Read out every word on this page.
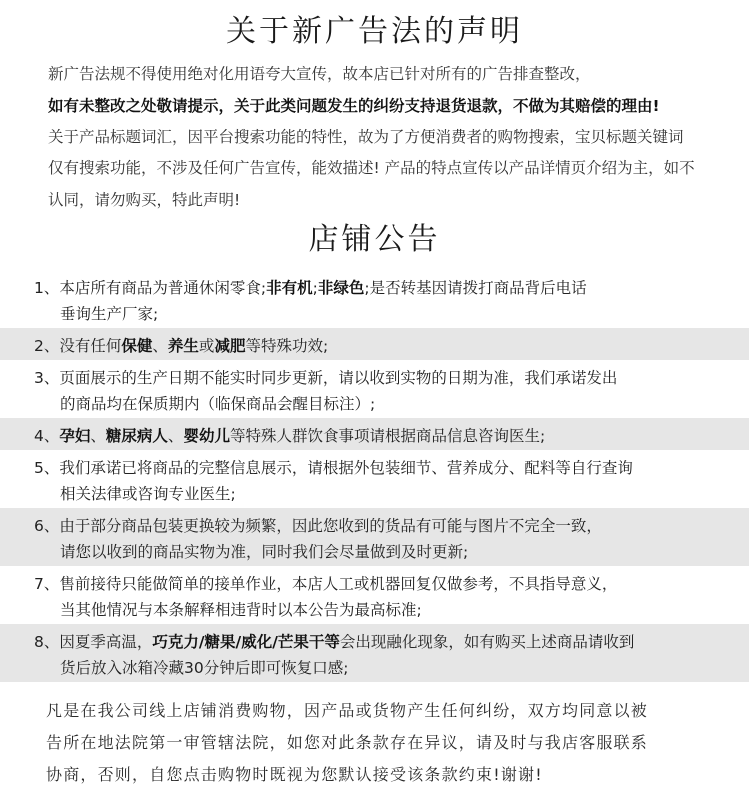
关于新广告法的声明
新广告法规不得使用绝对化用语夸大宣传，故本店已针对所有的广告排查整改，
如有未整改之处敬请提示，关于此类问题发生的纠纷支持退货退款，不做为其赔偿的理由!
关于产品标题词汇，因平台搜索功能的特性，故为了方便消费者的购物搜索，宝贝标题关键词
仅有搜索功能，不涉及任何广告宣传，能效描述! 产品的特点宣传以产品详情页介绍为主，如不
认同，请勿购买，特此声明!
店铺公告
1、本店所有商品为普通休闲零食;非有机;非绿色;是否转基因请拨打商品背后电话
垂询生产厂家;
2、没有任何保健、养生或减肥等特殊功效;
3、页面展示的生产日期不能实时同步更新，请以收到实物的日期为准，我们承诺发出
的商品均在保质期内（临保商品会醒目标注）;
4、孕妇、糖尿病人、婴幼儿等特殊人群饮食事项请根据商品信息咨询医生;
5、我们承诺已将商品的完整信息展示，请根据外包装细节、营养成分、配料等自行查询
相关法律或咨询专业医生;
6、由于部分商品包装更换较为频繁，因此您收到的货品有可能与图片不完全一致，
请您以收到的商品实物为准，同时我们会尽量做到及时更新;
7、售前接待只能做简单的接单作业，本店人工或机器回复仅做参考，不具指导意义，
当其他情况与本条解释相违背时以本公告为最高标准;
8、因夏季高温，巧克力/糖果/威化/芒果干等会出现融化现象，如有购买上述商品请收到
货后放入冰箱冷藏30分钟后即可恢复口感;
凡是在我公司线上店铺消费购物，因产品或货物产生任何纠纷，双方均同意以被
告所在地法院第一审管辖法院，如您对此条款存在异议，请及时与我店客服联系
协商，否则，自您点击购物时既视为您默认接受该条款约束!谢谢!
